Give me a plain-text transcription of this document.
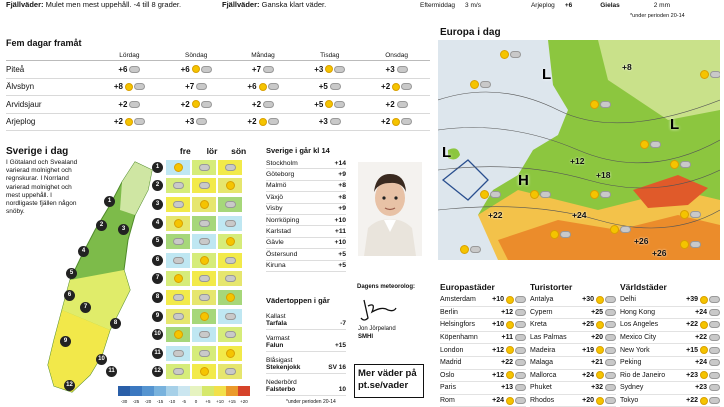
Fjällväder: Mulet men mest uppehåll. -4 till 8 grader.	Fjällväder: Ganska klart väder.	Eftermiddag 3 m/s	Arjeplog +6	Gielas	2 mm
*under perioden 20-14
Fem dagar framåt
Lördag	Söndag	Måndag	Tisdag	Onsdag
Piteå	+6	+6	+7	+3	+3
Älvsbyn	+8	+7	+6	+5	+2
Arvidsjaur	+2	+2	+2	+5	+2
Arjeplog	+2	+3	+2	+3	+2
Sverige i dag
I Götaland och Svealand varierad molnighet och regnskurar. I Norrland varierad molnighet och mest uppehåll. I nordligaste fjällen någon snöby.
fre	lör	sön
1
2
3
4
5
6
7
8
9
10
11
12
-30	-25	-20	-15	-10	-5	0	+5	+10 +15 +20
Sverige i går kl 14
Stockholm	+14
Göteborg	+9
Malmö	+8
Växjö	+8
Visby	+9
Norrköping	+10
Karlstad	+11
Gävle	+10
Östersund	+5
Kiruna	+5
Vädertoppen i går
Kallast
Tarfala	-7
Varmast
Falun	+15
Blåsigast
Stekenjokk	SV 16
Nederbörd
Falsterbo	10
*under perioden 20-14
Dagens meteorolog:
Jon Jörpeland
SMHI
Mer väder på
pt.se/vader
Europa i dag
+8
+12
+18
+22	+24
+26
+26
L
L
L
H
Europastäder
Amsterdam	+10
Berlin	+12
Helsingfors	+10
Köpenhamn	+11
London	+12
Madrid	+22
Oslo	+12
Paris	+13
Rom	+24
Turistorter
Antalya	+30
Cypern	+25
Kreta	+25
Las Palmas	+20
Madeira	+19
Malaga	+21
Mallorca	+24
Phuket	+32
Rhodos	+20
Världstäder
Delhi	+39
Hong Kong	+24
Los Angeles	+22
Mexico City	+22
New York	+15
Peking	+24
Rio de Janeiro	+23
Sydney	+23
Tokyo	+22
1
2
3
4
5
6
7
8
9
10
11
12
